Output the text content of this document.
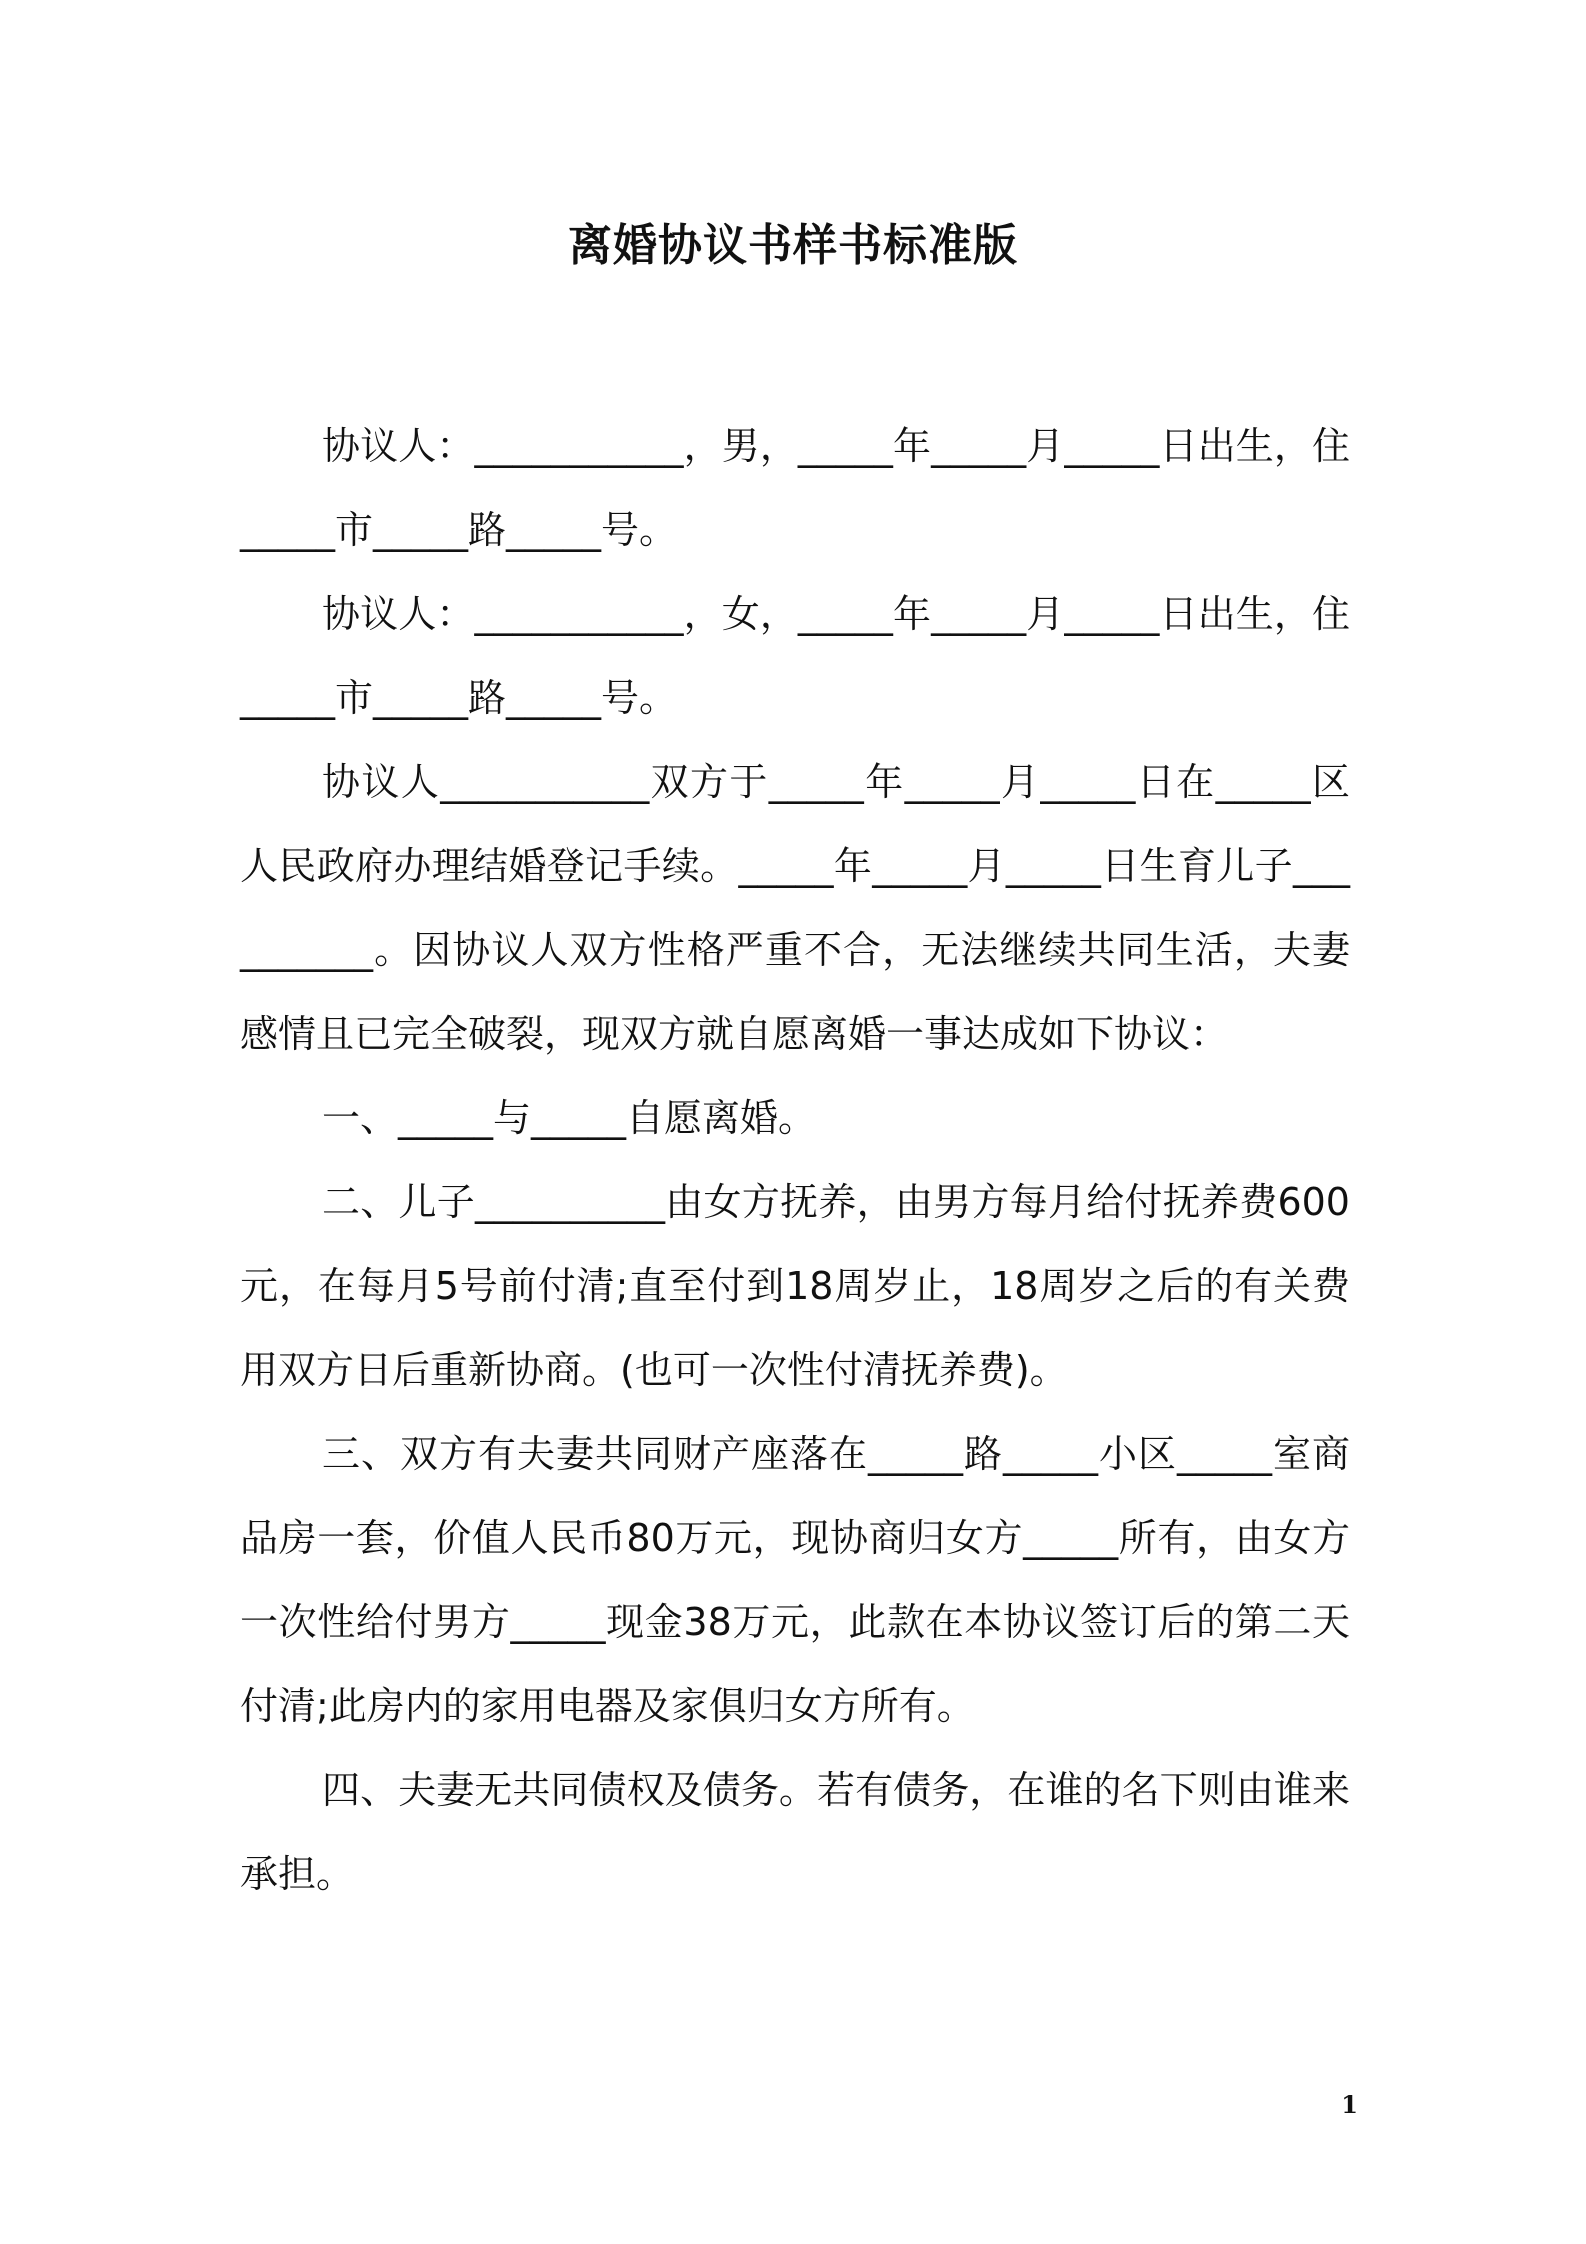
离婚协议书样书标准版

协议人：___________，男，_____年_____月_____日出生，住_____市_____路_____号。

协议人：___________，女，_____年_____月_____日出生，住_____市_____路_____号。

协议人___________双方于_____年_____月_____日在_____区人民政府办理结婚登记手续。_____年_____月_____日生育儿子__________。因协议人双方性格严重不合，无法继续共同生活，夫妻感情且已完全破裂，现双方就自愿离婚一事达成如下协议：

一、_____与_____自愿离婚。

二、儿子__________由女方抚养，由男方每月给付抚养费600元，在每月5号前付清;直至付到18周岁止，18周岁之后的有关费用双方日后重新协商。(也可一次性付清抚养费)。

三、双方有夫妻共同财产座落在_____路_____小区_____室商品房一套，价值人民币80万元，现协商归女方_____所有，由女方一次性给付男方_____现金38万元，此款在本协议签订后的第二天付清;此房内的家用电器及家俱归女方所有。

四、夫妻无共同债权及债务。若有债务，在谁的名下则由谁来承担。

1
